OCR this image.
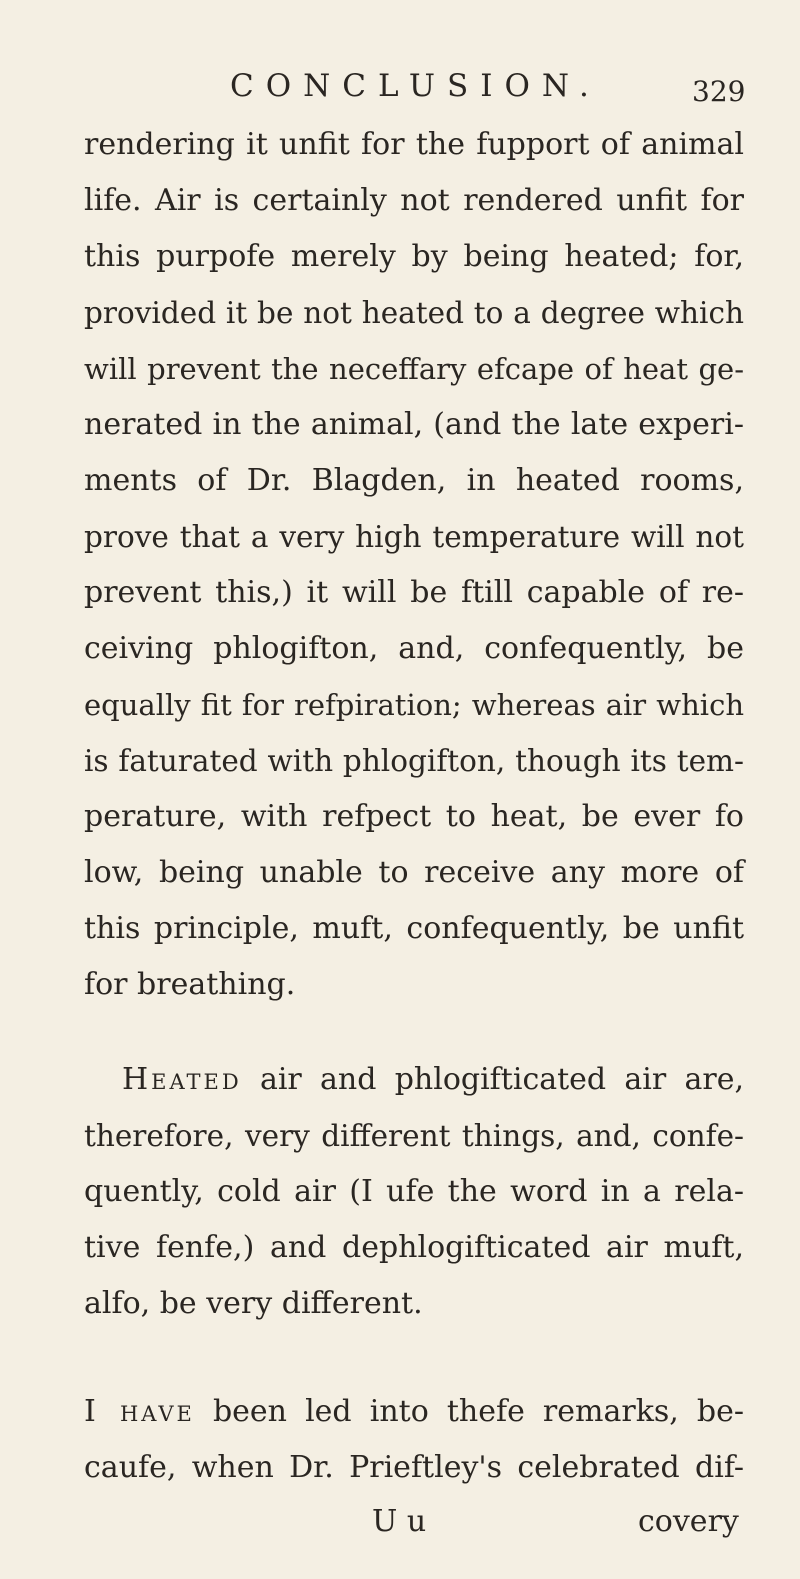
CONCLUSION.	329
rendering it unfit for the fupport of animal
life. Air is certainly not rendered unfit for
this purpofe merely by being heated; for,
provided it be not heated to a degree which
will prevent the neceffary efcape of heat ge-
nerated in the animal, (and the late experi-
ments of Dr. Blagden, in heated rooms,
prove that a very high temperature will not
prevent this,) it will be ftill capable of re-
ceiving phlogifton, and, confequently, be
equally fit for refpiration; whereas air which
is faturated with phlogifton, though its tem-
perature, with refpect to heat, be ever fo
low, being unable to receive any more of
this principle, muft, confequently, be unfit
for breathing.
Heated air and phlogifticated air are,
therefore, very different things, and, confe-
quently, cold air (I ufe the word in a rela-
tive fenfe,) and dephlogifticated air muft,
alfo, be very different.
I have been led into thefe remarks, be-
caufe, when Dr. Prieftley's celebrated dif-
U u	covery
